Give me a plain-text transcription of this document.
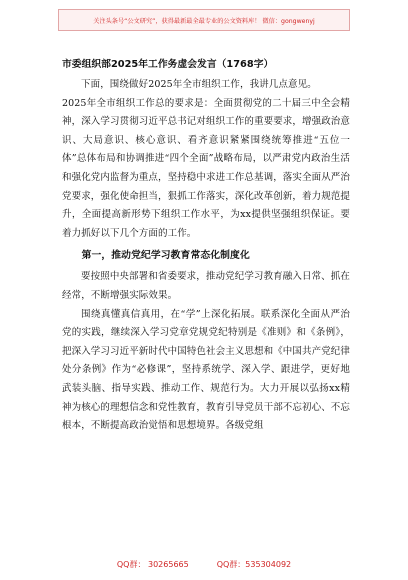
关注头条号“公文研究”，获得最新最全最专业的公文资料库！ 微信：gongwenyj
市委组织部2025年工作务虚会发言（1768字）

下面，围绕做好2025年全市组织工作，我讲几点意见。

2025年全市组织工作总的要求是：全面贯彻党的二十届三中全会精神，深入学习贯彻习近平总书记对组织工作的重要要求，增强政治意识、大局意识、核心意识、看齐意识紧紧围绕统筹推进“五位一体”总体布局和协调推进“四个全面”战略布局，以严肃党内政治生活和强化党内监督为重点，坚持稳中求进工作总基调，落实全面从严治党要求，强化使命担当，狠抓工作落实，深化改革创新，着力规范提升，全面提高新形势下组织工作水平，为xx提供坚强组织保证。要着力抓好以下几个方面的工作。

第一，推动党纪学习教育常态化制度化

要按照中央部署和省委要求，推动党纪学习教育融入日常、抓在经常，不断增强实际效果。

围绕真懂真信真用，在“学”上深化拓展。联系深化全面从严治党的实践，继续深入学习党章党规党纪特别是《准则》和《条例》，把深入学习习近平新时代中国特色社会主义思想和《中国共产党纪律处分条例》作为“必修课”，坚持系统学、深入学、跟进学，更好地武装头脑、指导实践、推动工作、规范行为。大力开展以弘扬xx精神为核心的理想信念和党性教育，教育引导党员干部不忘初心、不忘根本，不断提高政治觉悟和思想境界。各级党组

QQ群： 30265665	QQ群：535304092
